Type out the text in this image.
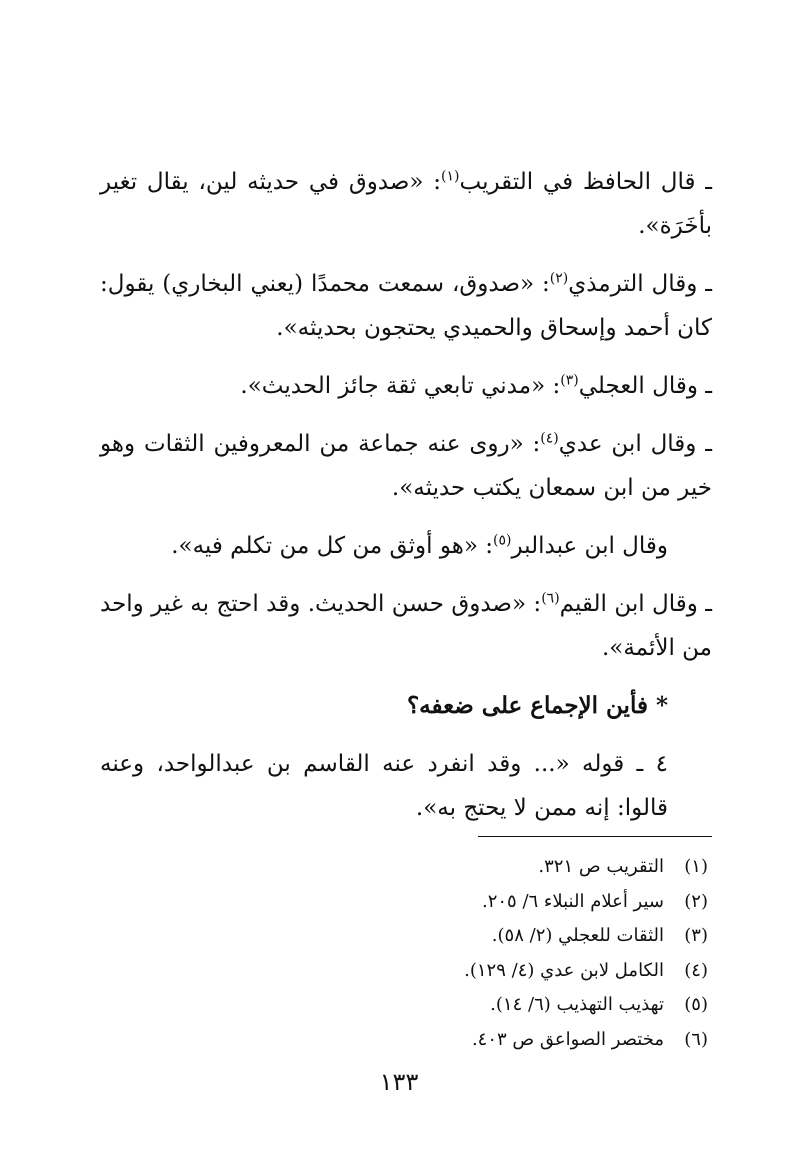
ـ قال الحافظ في التقريب$^{(١)}$: «صدوق في حديثه لين، يقال تغير بأخَرَة».

ـ وقال الترمذي$^{(٢)}$: «صدوق، سمعت محمدًا (يعني البخاري) يقول: كان أحمد وإسحاق والحميدي يحتجون بحديثه».

ـ وقال العجلي$^{(٣)}$: «مدني تابعي ثقة جائز الحديث».

ـ وقال ابن عدي$^{(٤)}$: «روى عنه جماعة من المعروفين الثقات وهو خير من ابن سمعان يكتب حديثه».

وقال ابن عبدالبر$^{(٥)}$: «هو أوثق من كل من تكلم فيه».

ـ وقال ابن القيم$^{(٦)}$: «صدوق حسن الحديث. وقد احتج به غير واحد من الأئمة».

* فأين الإجماع على ضعفه؟

٤ ـ قوله «... وقد انفرد عنه القاسم بن عبدالواحد، وعنه قالوا: إنه ممن لا يحتج به».

(١)التقريب ص ٣٢١.
(٢)سير أعلام النبلاء ٦/ ٢٠٥.
(٣)الثقات للعجلي (٢/ ٥٨).
(٤)الكامل لابن عدي (٤/ ١٢٩).
(٥)تهذيب التهذيب (٦/ ١٤).
(٦)مختصر الصواعق ص ٤٠٣.
١٣٣
